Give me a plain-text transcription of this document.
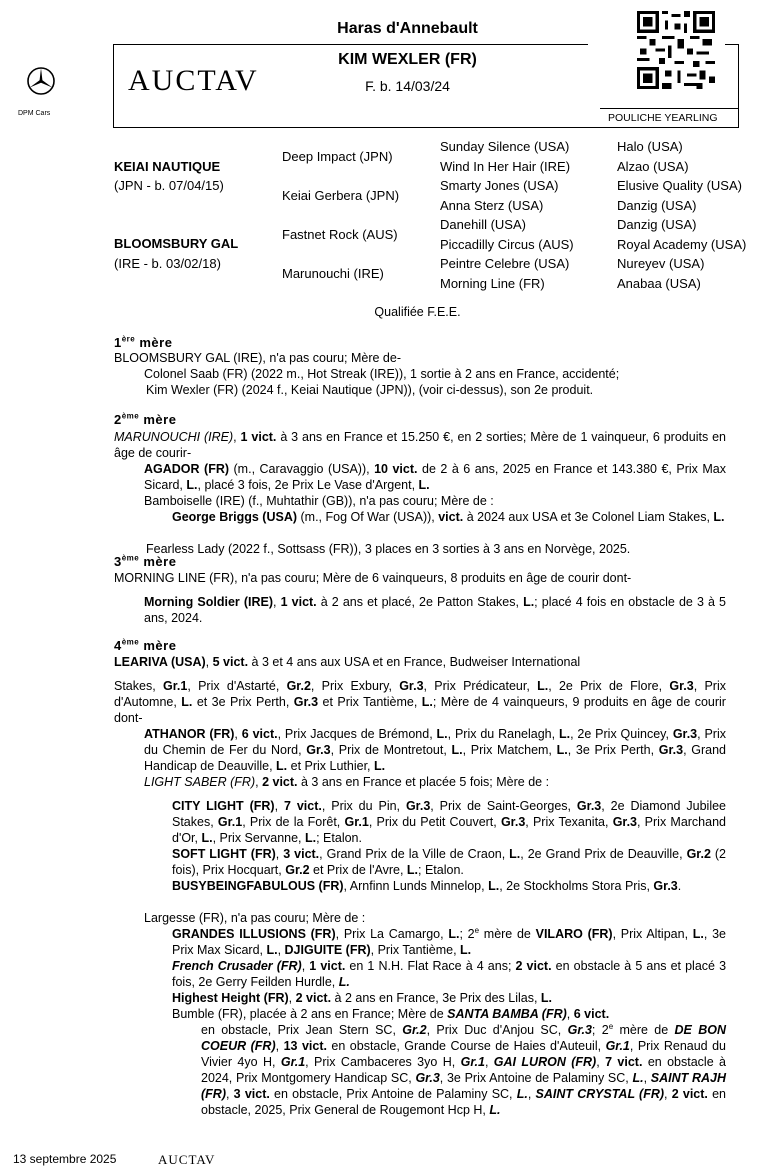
DPM Cars
AUCTAV
Haras d'Annebault
KIM WEXLER (FR)
F. b. 14/03/24
POULICHE YEARLING
KEIAI NAUTIQUE
(JPN - b. 07/04/15)
BLOOMSBURY GAL
(IRE - b. 03/02/18)
Deep Impact (JPN)
Keiai Gerbera (JPN)
Fastnet Rock (AUS)
Marunouchi (IRE)
Sunday Silence (USA)
Wind In Her Hair (IRE)
Smarty Jones (USA)
Anna Sterz (USA)
Danehill (USA)
Piccadilly Circus (AUS)
Peintre Celebre (USA)
Morning Line (FR)
Halo (USA)
Alzao (USA)
Elusive Quality (USA)
Danzig (USA)
Danzig (USA)
Royal Academy (USA)
Nureyev (USA)
Anabaa (USA)
Qualifiée F.E.E.
1ère mère
BLOOMSBURY GAL (IRE), n'a pas couru; Mère de-
Colonel Saab (FR) (2022 m., Hot Streak (IRE)), 1 sortie à 2 ans en France, accidenté;
Kim Wexler (FR) (2024 f., Keiai Nautique (JPN)), (voir ci-dessus), son 2e produit.
2ème mère
MARUNOUCHI (IRE), 1 vict. à 3 ans en France et 15.250 €, en 2 sorties; Mère de 1 vainqueur, 6 produits en âge de courir-
AGADOR (FR) (m., Caravaggio (USA)), 10 vict. de 2 à 6 ans, 2025 en France et 143.380 €, Prix Max Sicard, L., placé 3 fois, 2e Prix Le Vase d'Argent, L.
Bamboiselle (IRE) (f., Muhtathir (GB)), n'a pas couru; Mère de :
George Briggs (USA) (m., Fog Of War (USA)), vict. à 2024 aux USA et 3e Colonel Liam Stakes, L.
Fearless Lady (2022 f., Sottsass (FR)), 3 places en 3 sorties à 3 ans en Norvège, 2025.
3ème mère
MORNING LINE (FR), n'a pas couru; Mère de 6 vainqueurs, 8 produits en âge de courir dont-
Morning Soldier (IRE), 1 vict. à 2 ans et placé, 2e Patton Stakes, L.; placé 4 fois en obstacle de 3 à 5 ans, 2024.
4ème mère
LEARIVA (USA), 5 vict. à 3 et 4 ans aux USA et en France, Budweiser International
Stakes, Gr.1, Prix d'Astarté, Gr.2, Prix Exbury, Gr.3, Prix Prédicateur, L., 2e Prix de Flore, Gr.3, Prix d'Automne, L. et 3e Prix Perth, Gr.3 et Prix Tantième, L.; Mère de 4 vainqueurs, 9 produits en âge de courir dont-
ATHANOR (FR), 6 vict., Prix Jacques de Brémond, L., Prix du Ranelagh, L., 2e Prix Quincey, Gr.3, Prix du Chemin de Fer du Nord, Gr.3, Prix de Montretout, L., Prix Matchem, L., 3e Prix Perth, Gr.3, Grand Handicap de Deauville, L. et Prix Luthier, L.
LIGHT SABER (FR), 2 vict. à 3 ans en France et placée 5 fois; Mère de :
CITY LIGHT (FR), 7 vict., Prix du Pin, Gr.3, Prix de Saint-Georges, Gr.3, 2e Diamond Jubilee Stakes, Gr.1, Prix de la Forêt, Gr.1, Prix du Petit Couvert, Gr.3, Prix Texanita, Gr.3, Prix Marchand d'Or, L., Prix Servanne, L.; Etalon.
SOFT LIGHT (FR), 3 vict., Grand Prix de la Ville de Craon, L., 2e Grand Prix de Deauville, Gr.2 (2 fois), Prix Hocquart, Gr.2 et Prix de l'Avre, L.; Etalon.
BUSYBEINGFABULOUS (FR), Arnfinn Lunds Minnelop, L., 2e Stockholms Stora Pris, Gr.3.
Largesse (FR), n'a pas couru; Mère de :
GRANDES ILLUSIONS (FR), Prix La Camargo, L.; 2e mère de VILARO (FR), Prix Altipan, L., 3e Prix Max Sicard, L., DJIGUITE (FR), Prix Tantième, L.
French Crusader (FR), 1 vict. en 1 N.H. Flat Race à 4 ans; 2 vict. en obstacle à 5 ans et placé 3 fois, 2e Gerry Feilden Hurdle, L.
Highest Height (FR), 2 vict. à 2 ans en France, 3e Prix des Lilas, L.
Bumble (FR), placée à 2 ans en France; Mère de SANTA BAMBA (FR), 6 vict.
en obstacle, Prix Jean Stern SC, Gr.2, Prix Duc d'Anjou SC, Gr.3; 2e mère de DE BON COEUR (FR), 13 vict. en obstacle, Grande Course de Haies d'Auteuil, Gr.1, Prix Renaud du Vivier 4yo H, Gr.1, Prix Cambaceres 3yo H, Gr.1, GAI LURON (FR), 7 vict. en obstacle à 2024, Prix Montgomery Handicap SC, Gr.3, 3e Prix Antoine de Palaminy SC, L., SAINT RAJH (FR), 3 vict. en obstacle, Prix Antoine de Palaminy SC, L., SAINT CRYSTAL (FR), 2 vict. en obstacle, 2025, Prix General de Rougemont Hcp H, L.
13 septembre 2025	AUCTAV
